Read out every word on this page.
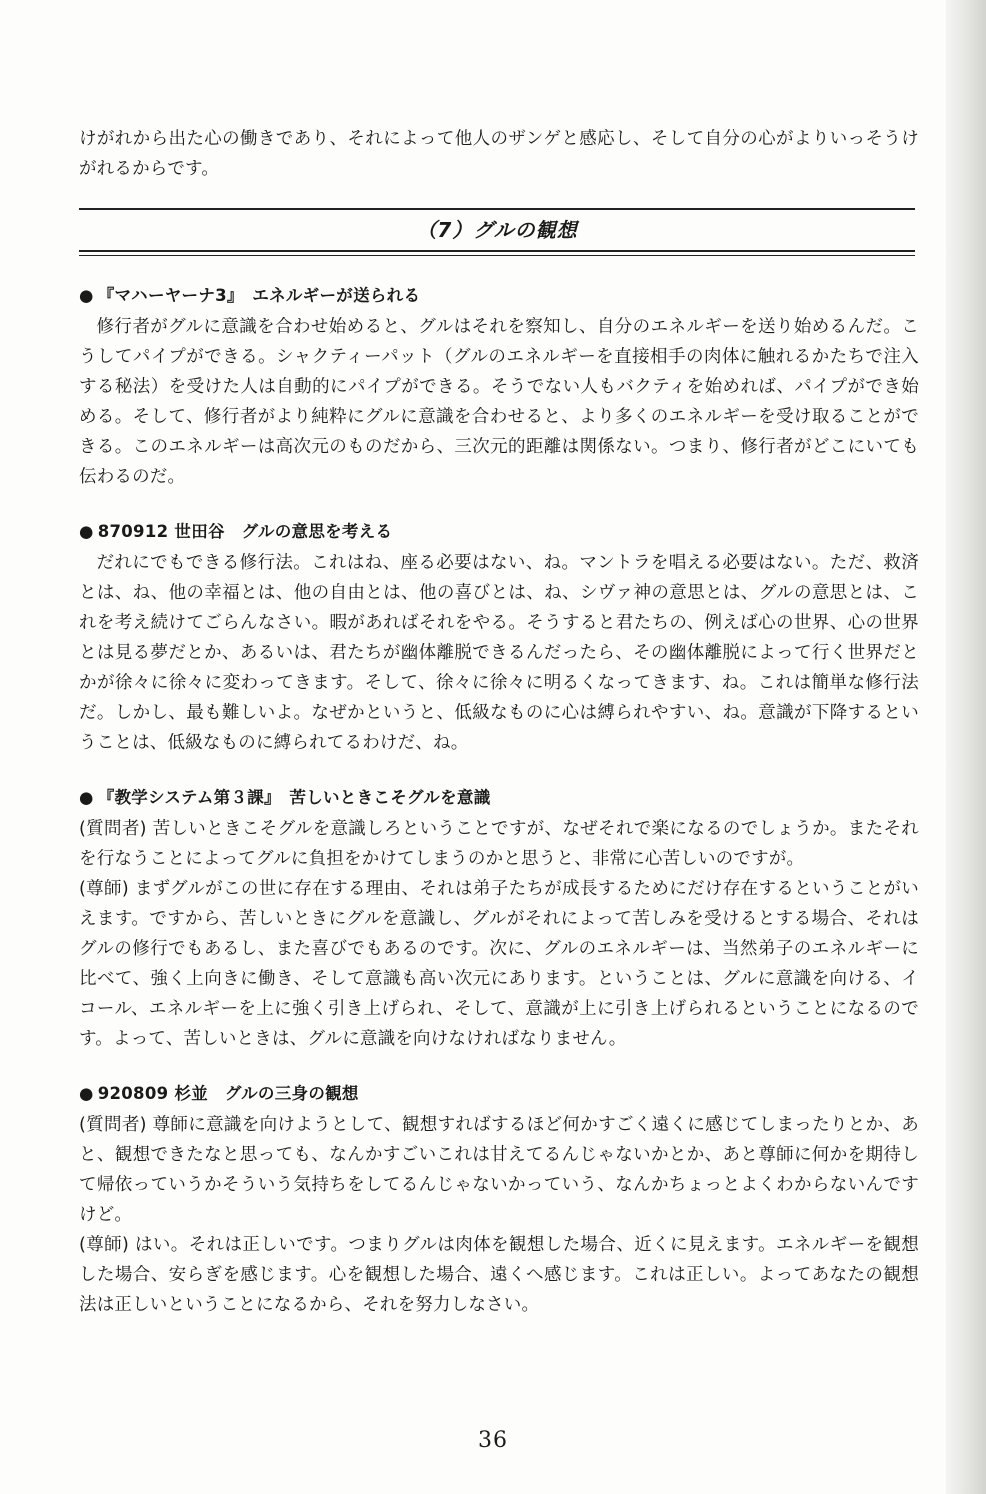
けがれから出た心の働きであり、それによって他人のザンゲと感応し、そして自分の心がよりいっそうけがれるからです。

（7）グルの観想

● 『マハーヤーナ3』　エネルギーが送られる

修行者がグルに意識を合わせ始めると、グルはそれを察知し、自分のエネルギーを送り始めるんだ。こうしてパイプができる。シャクティーパット（グルのエネルギーを直接相手の肉体に触れるかたちで注入する秘法）を受けた人は自動的にパイプができる。そうでない人もバクティを始めれば、パイプができ始める。そして、修行者がより純粋にグルに意識を合わせると、より多くのエネルギーを受け取ることができる。このエネルギーは高次元のものだから、三次元的距離は関係ない。つまり、修行者がどこにいても伝わるのだ。

● 870912 世田谷　グルの意思を考える

だれにでもできる修行法。これはね、座る必要はない、ね。マントラを唱える必要はない。ただ、救済とは、ね、他の幸福とは、他の自由とは、他の喜びとは、ね、シヴァ神の意思とは、グルの意思とは、これを考え続けてごらんなさい。暇があればそれをやる。そうすると君たちの、例えば心の世界、心の世界とは見る夢だとか、あるいは、君たちが幽体離脱できるんだったら、その幽体離脱によって行く世界だとかが徐々に徐々に変わってきます。そして、徐々に徐々に明るくなってきます、ね。これは簡単な修行法だ。しかし、最も難しいよ。なぜかというと、低級なものに心は縛られやすい、ね。意識が下降するということは、低級なものに縛られてるわけだ、ね。

● 『教学システム第３課』　苦しいときこそグルを意識

(質問者) 苦しいときこそグルを意識しろということですが、なぜそれで楽になるのでしょうか。またそれを行なうことによってグルに負担をかけてしまうのかと思うと、非常に心苦しいのですが。

(尊師) まずグルがこの世に存在する理由、それは弟子たちが成長するためにだけ存在するということがいえます。ですから、苦しいときにグルを意識し、グルがそれによって苦しみを受けるとする場合、それはグルの修行でもあるし、また喜びでもあるのです。次に、グルのエネルギーは、当然弟子のエネルギーに比べて、強く上向きに働き、そして意識も高い次元にあります。ということは、グルに意識を向ける、イコール、エネルギーを上に強く引き上げられ、そして、意識が上に引き上げられるということになるのです。よって、苦しいときは、グルに意識を向けなければなりません。

● 920809 杉並　グルの三身の観想

(質問者) 尊師に意識を向けようとして、観想すればするほど何かすごく遠くに感じてしまったりとか、あと、観想できたなと思っても、なんかすごいこれは甘えてるんじゃないかとか、あと尊師に何かを期待して帰依っていうかそういう気持ちをしてるんじゃないかっていう、なんかちょっとよくわからないんですけど。

(尊師) はい。それは正しいです。つまりグルは肉体を観想した場合、近くに見えます。エネルギーを観想した場合、安らぎを感じます。心を観想した場合、遠くへ感じます。これは正しい。よってあなたの観想法は正しいということになるから、それを努力しなさい。

36
